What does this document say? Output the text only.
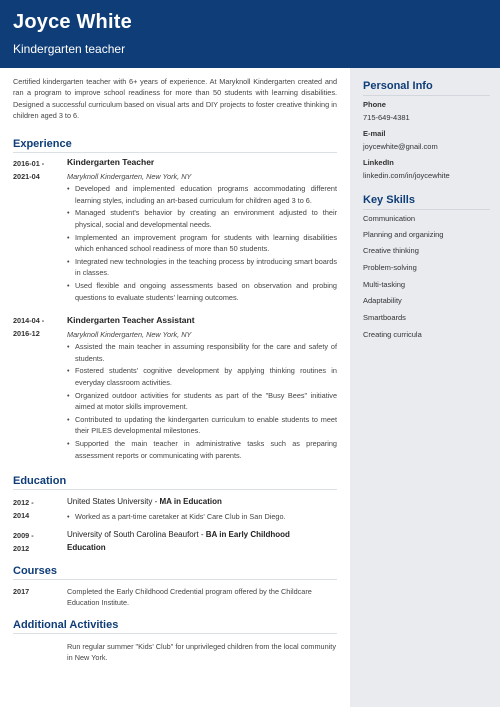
Joyce White
Kindergarten teacher
Personal Info
Phone
715-649-4381
E-mail
joycewhite@gnail.com
LinkedIn
linkedin.com/in/joycewhite
Key Skills
Communication
Planning and organizing
Creative thinking
Problem-solving
Multi-tasking
Adaptability
Smartboards
Creating curricula
Certified kindergarten teacher with 6+ years of experience. At Maryknoll Kindergarten created and ran a program to improve school readiness for more than 50 students with learning disabilities. Designed a successful curriculum based on visual arts and DIY projects to foster creative thinking in children aged 3 to 6.
Experience
2016-01 -
2021-04
Kindergarten Teacher
Maryknoll Kindergarten, New York, NY
• Developed and implemented education programs accommodating different learning styles, including an art-based curriculum for children aged 3 to 6.
• Managed student's behavior by creating an environment adjusted to their physical, social and developmental needs.
• Implemented an improvement program for students with learning disabilities which enhanced school readiness of more than 50 students.
• Integrated new technologies in the teaching process by introducing smart boards in classes.
• Used flexible and ongoing assessments based on observation and probing questions to evaluate students' learning outcomes.
2014-04 -
2016-12
Kindergarten Teacher Assistant
Maryknoll Kindergarten, New York, NY
• Assisted the main teacher in assuming responsibility for the care and safety of students.
• Fostered students' cognitive development by applying thinking routines in everyday classroom activities.
• Organized outdoor activities for students as part of the "Busy Bees" initiative aimed at motor skills improvement.
• Contributed to updating the kindergarten curriculum to enable students to meet their PILES developmental milestones.
• Supported the main teacher in administrative tasks such as preparing assessment reports or communicating with parents.
Education
2012 -
2014
United States University - MA in Education
• Worked as a part-time caretaker at Kids' Care Club in San Diego.
2009 -
2012
University of South Carolina Beaufort - BA in Early Childhood Education
Courses
2017	Completed the Early Childhood Credential program offered by the Childcare Education Institute.
Additional Activities
Run regular summer "Kids' Club" for unprivileged children from the local community in New York.
